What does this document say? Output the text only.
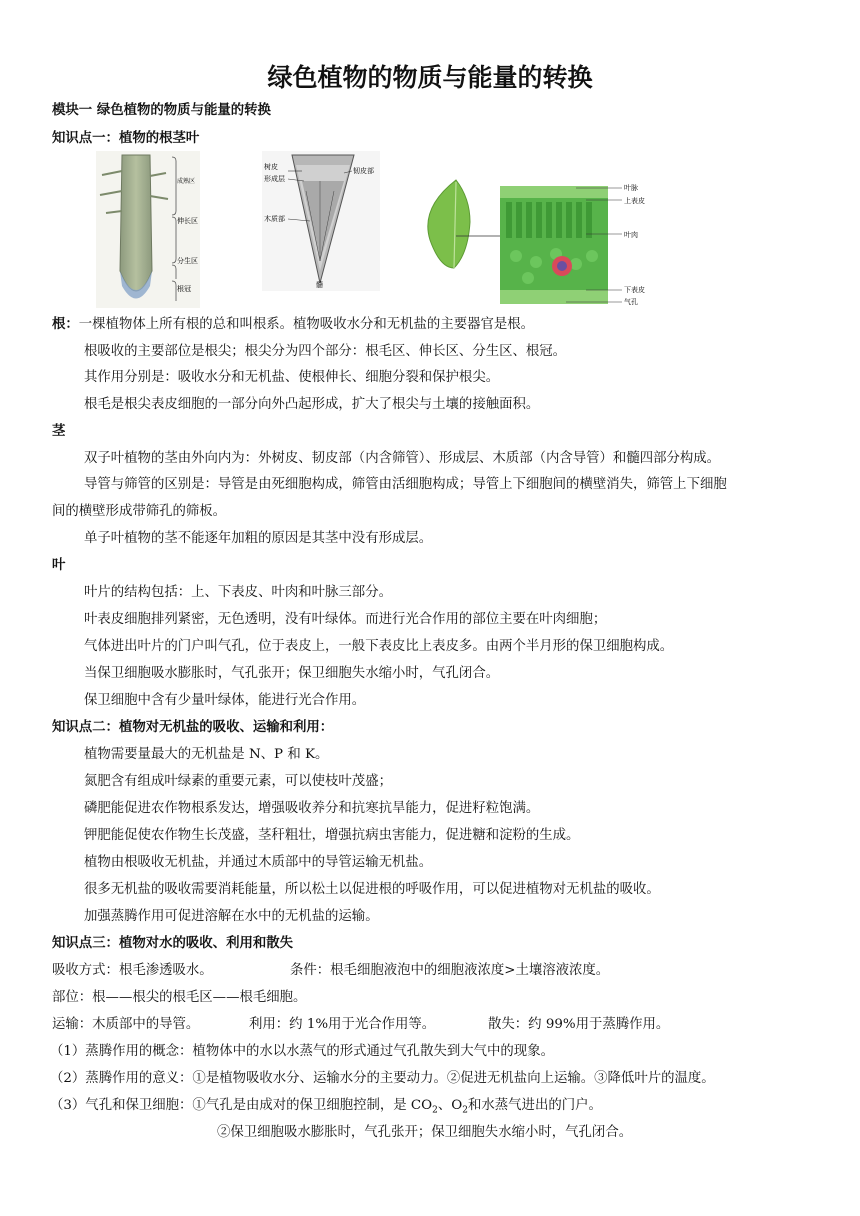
绿色植物的物质与能量的转换
模块一 绿色植物的物质与能量的转换
知识点一：植物的根茎叶
成熟区
伸长区
分生区
根冠
树皮
形成层
韧皮部
木质部
髓
叶脉
上表皮
叶肉
下表皮
气孔
根：一棵植物体上所有根的总和叫根系。植物吸收水分和无机盐的主要器官是根。
根吸收的主要部位是根尖；根尖分为四个部分：根毛区、伸长区、分生区、根冠。
其作用分别是：吸收水分和无机盐、使根伸长、细胞分裂和保护根尖。
根毛是根尖表皮细胞的一部分向外凸起形成，扩大了根尖与土壤的接触面积。
茎
双子叶植物的茎由外向内为：外树皮、韧皮部（内含筛管）、形成层、木质部（内含导管）和髓四部分构成。
导管与筛管的区别是：导管是由死细胞构成，筛管由活细胞构成；导管上下细胞间的横壁消失，筛管上下细胞
间的横壁形成带筛孔的筛板。
单子叶植物的茎不能逐年加粗的原因是其茎中没有形成层。
叶
叶片的结构包括：上、下表皮、叶肉和叶脉三部分。
叶表皮细胞排列紧密，无色透明，没有叶绿体。而进行光合作用的部位主要在叶肉细胞；
气体进出叶片的门户叫气孔，位于表皮上，一般下表皮比上表皮多。由两个半月形的保卫细胞构成。
当保卫细胞吸水膨胀时，气孔张开；保卫细胞失水缩小时，气孔闭合。
保卫细胞中含有少量叶绿体，能进行光合作用。
知识点二：植物对无机盐的吸收、运输和利用：
植物需要量最大的无机盐是 N、P 和 K。
氮肥含有组成叶绿素的重要元素，可以使枝叶茂盛；
磷肥能促进农作物根系发达，增强吸收养分和抗寒抗旱能力，促进籽粒饱满。
钾肥能促使农作物生长茂盛，茎秆粗壮，增强抗病虫害能力，促进糖和淀粉的生成。
植物由根吸收无机盐，并通过木质部中的导管运输无机盐。
很多无机盐的吸收需要消耗能量，所以松土以促进根的呼吸作用，可以促进植物对无机盐的吸收。
加强蒸腾作用可促进溶解在水中的无机盐的运输。
知识点三：植物对水的吸收、利用和散失
吸收方式：根毛渗透吸水。	条件：根毛细胞液泡中的细胞液浓度>土壤溶液浓度。
部位：根——根尖的根毛区——根毛细胞。
运输：木质部中的导管。	利用：约 1%用于光合作用等。	散失：约 99%用于蒸腾作用。
（1）蒸腾作用的概念：植物体中的水以水蒸气的形式通过气孔散失到大气中的现象。
（2）蒸腾作用的意义：①是植物吸收水分、运输水分的主要动力。②促进无机盐向上运输。③降低叶片的温度。
（3）气孔和保卫细胞：①气孔是由成对的保卫细胞控制，是 $CO_2$、$O_2$和水蒸气进出的门户。
②保卫细胞吸水膨胀时，气孔张开；保卫细胞失水缩小时，气孔闭合。
